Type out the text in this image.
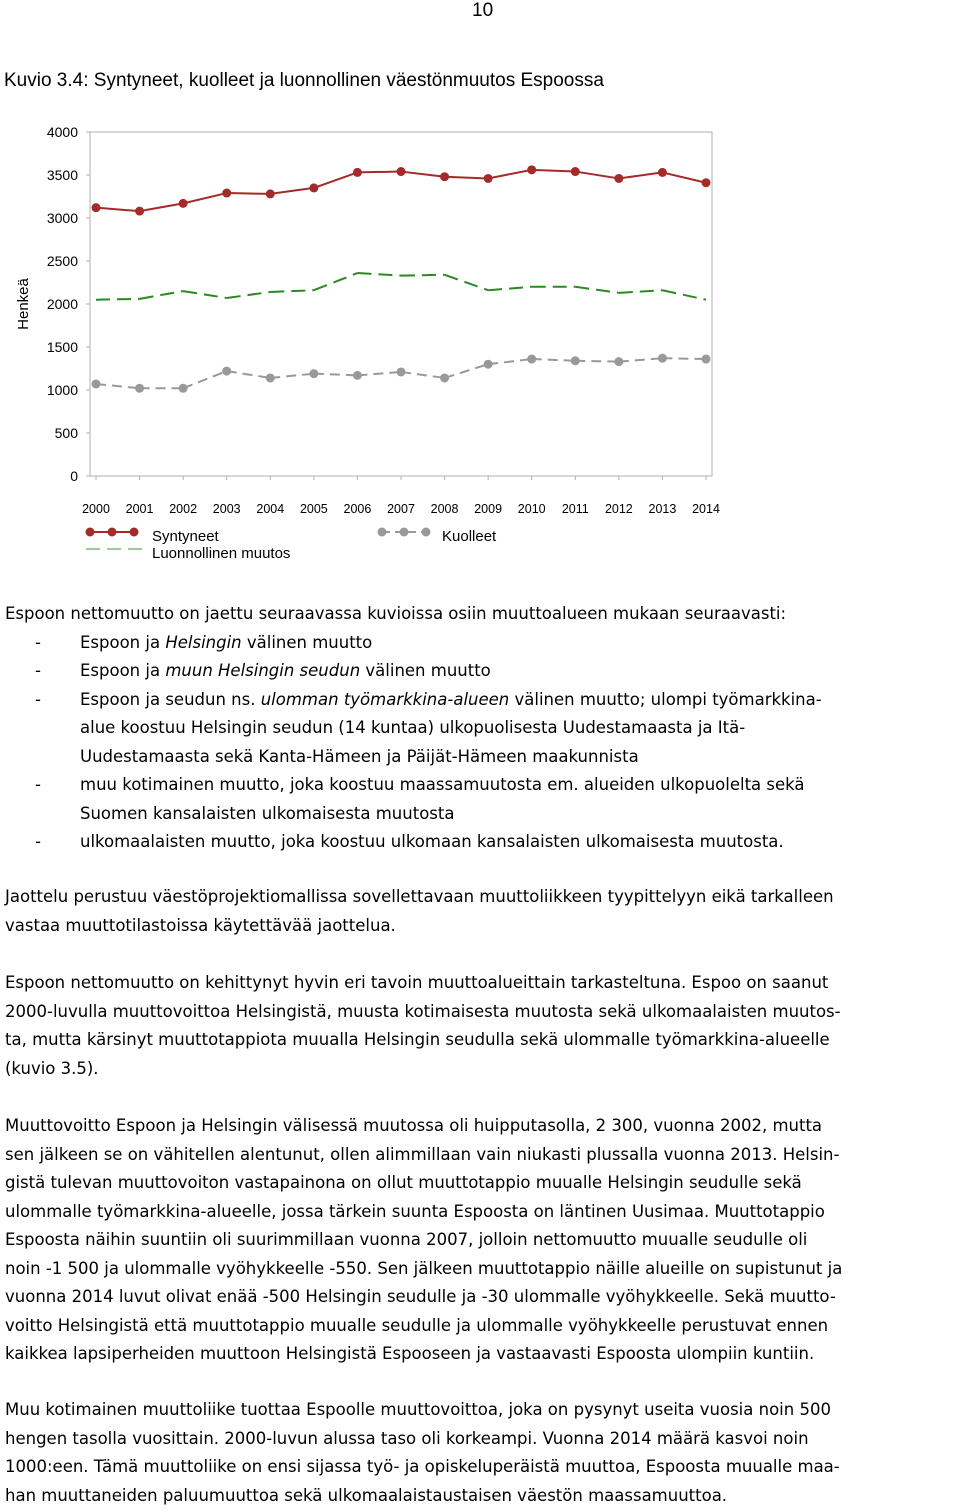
10
Kuvio 3.4: Syntyneet, kuolleet ja luonnollinen väestönmuutos Espoossa
0
500
1000
1500
2000
2500
3000
3500
4000
Henkeä
2000 2001 2002 2003 2004 2005 2006 2007 2008 2009 2010 2011 2012 2013 2014
Syntyneet
Luonnollinen muutos
Kuolleet

Espoon nettomuutto on jaettu seuraavassa kuvioissa osiin muuttoalueen mukaan seuraavasti:

- Espoon ja Helsingin välinen muutto
- Espoon ja muun Helsingin seudun välinen muutto
- Espoon ja seudun ns. ulomman työmarkkina-alueen välinen muutto; ulompi työmarkkina-
alue koostuu Helsingin seudun (14 kuntaa) ulkopuolisesta Uudestamaasta ja Itä-
Uudestamaasta sekä Kanta-Hämeen ja Päijät-Hämeen maakunnista
- muu kotimainen muutto, joka koostuu maassamuutosta em. alueiden ulkopuolelta sekä
Suomen kansalaisten ulkomaisesta muutosta
- ulkomaalaisten muutto, joka koostuu ulkomaan kansalaisten ulkomaisesta muutosta.
Jaottelu perustuu väestöprojektiomallissa sovellettavaan muuttoliikkeen tyypittelyyn eikä tarkalleen
vastaa muuttotilastoissa käytettävää jaottelua.
Espoon nettomuutto on kehittynyt hyvin eri tavoin muuttoalueittain tarkasteltuna. Espoo on saanut
2000-luvulla muuttovoittoa Helsingistä, muusta kotimaisesta muutosta sekä ulkomaalaisten muutos-
ta, mutta kärsinyt muuttotappiota muualla Helsingin seudulla sekä ulommalle työmarkkina-alueelle
(kuvio 3.5).
Muuttovoitto Espoon ja Helsingin välisessä muutossa oli huipputasolla, 2 300, vuonna 2002, mutta
sen jälkeen se on vähitellen alentunut, ollen alimmillaan vain niukasti plussalla vuonna 2013. Helsin-
gistä tulevan muuttovoiton vastapainona on ollut muuttotappio muualle Helsingin seudulle sekä
ulommalle työmarkkina-alueelle, jossa tärkein suunta Espoosta on läntinen Uusimaa. Muuttotappio
Espoosta näihin suuntiin oli suurimmillaan vuonna 2007, jolloin nettomuutto muualle seudulle oli
noin -1 500 ja ulommalle vyöhykkeelle -550. Sen jälkeen muuttotappio näille alueille on supistunut ja
vuonna 2014 luvut olivat enää -500 Helsingin seudulle ja -30 ulommalle vyöhykkeelle. Sekä muutto-
voitto Helsingistä että muuttotappio muualle seudulle ja ulommalle vyöhykkeelle perustuvat ennen
kaikkea lapsiperheiden muuttoon Helsingistä Espooseen ja vastaavasti Espoosta ulompiin kuntiin.
Muu kotimainen muuttoliike tuottaa Espoolle muuttovoittoa, joka on pysynyt useita vuosia noin 500
hengen tasolla vuosittain. 2000-luvun alussa taso oli korkeampi. Vuonna 2014 määrä kasvoi noin
1000:een. Tämä muuttoliike on ensi sijassa työ- ja opiskeluperäistä muuttoa, Espoosta muualle maa-
han muuttaneiden paluumuuttoa sekä ulkomaalaistaustaisen väestön maassamuuttoa.
